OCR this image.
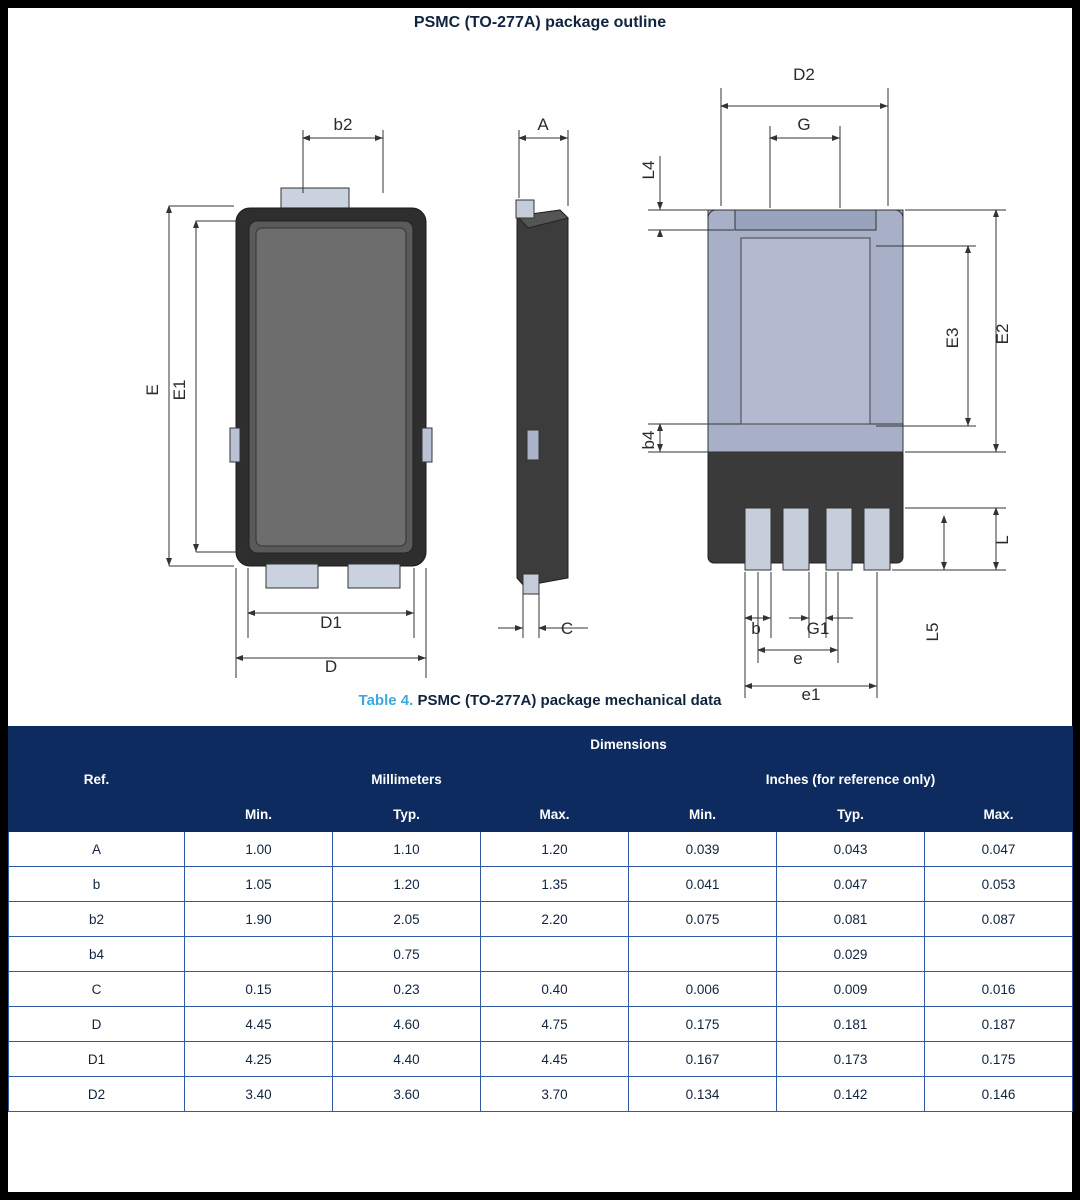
PSMC (TO-277A) package outline
b2	A
C
D1
D
D2
G
b	G1
e
e1
E E1
E2
E3
L4
b4
L
L5
Table 4. PSMC (TO-277A) package mechanical data
Ref.	Dimensions					
	Millimeters			Inches (for reference only)		
	Min.	Typ.	Max.	Min.	Typ.	Max.
A	1.00	1.10	1.20	0.039	0.043	0.047
b	1.05	1.20	1.35	0.041	0.047	0.053
b2	1.90	2.05	2.20	0.075	0.081	0.087
b4		0.75			0.029	
C	0.15	0.23	0.40	0.006	0.009	0.016
D	4.45	4.60	4.75	0.175	0.181	0.187
D1	4.25	4.40	4.45	0.167	0.173	0.175
D2	3.40	3.60	3.70	0.134	0.142	0.146
